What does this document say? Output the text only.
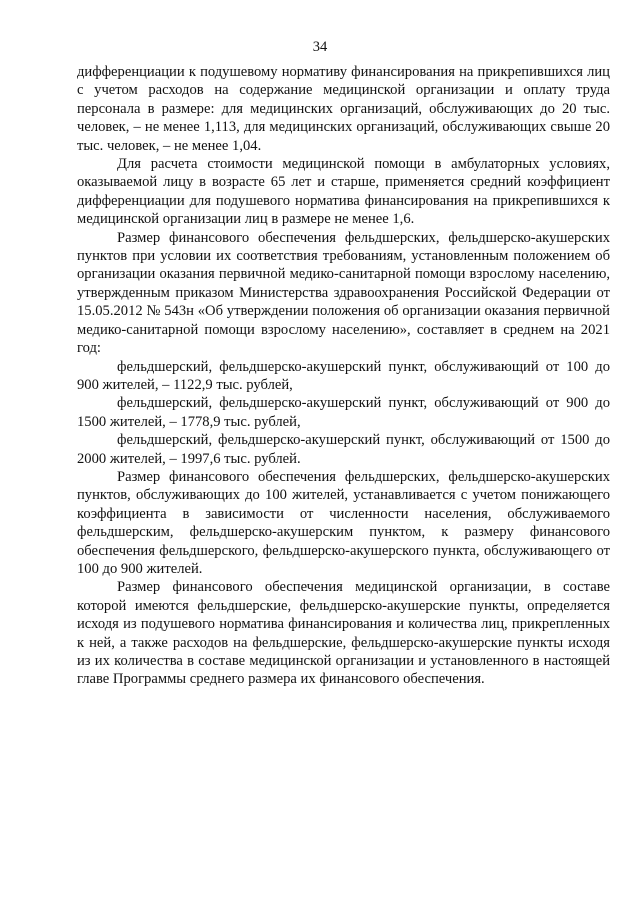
34

дифференциации к подушевому нормативу финансирования на прикрепившихся лиц с учетом расходов на содержание медицинской организации и оплату труда персонала в размере: для медицинских организаций, обслуживающих до 20 тыс. человек, – не менее 1,113, для медицинских организаций, обслуживающих свыше 20 тыс. человек, – не менее 1,04.

Для расчета стоимости медицинской помощи в амбулаторных условиях, оказываемой лицу в возрасте 65 лет и старше, применяется средний коэффициент дифференциации для подушевого норматива финансирования на прикрепившихся к медицинской организации лиц в размере не менее 1,6.

Размер финансового обеспечения фельдшерских, фельдшерско-акушерских пунктов при условии их соответствия требованиям, установленным положением об организации оказания первичной медико-санитарной помощи взрослому населению, утвержденным приказом Министерства здравоохранения Российской Федерации от 15.05.2012 № 543н «Об утверждении положения об организации оказания первичной медико-санитарной помощи взрослому населению», составляет в среднем на 2021 год:

фельдшерский, фельдшерско-акушерский пункт, обслуживающий от 100 до 900 жителей, – 1122,9 тыс. рублей,

фельдшерский, фельдшерско-акушерский пункт, обслуживающий от 900 до 1500 жителей, – 1778,9 тыс. рублей,

фельдшерский, фельдшерско-акушерский пункт, обслуживающий от 1500 до 2000 жителей, – 1997,6 тыс. рублей.

Размер финансового обеспечения фельдшерских, фельдшерско-акушерских пунктов, обслуживающих до 100 жителей, устанавливается с учетом понижающего коэффициента в зависимости от численности населения, обслуживаемого фельдшерским, фельдшерско-акушерским пунктом, к размеру финансового обеспечения фельдшерского, фельдшерско-акушерского пункта, обслуживающего от 100 до 900 жителей.

Размер финансового обеспечения медицинской организации, в составе которой имеются фельдшерские, фельдшерско-акушерские пункты, определяется исходя из подушевого норматива финансирования и количества лиц, прикрепленных к ней, а также расходов на фельдшерские, фельдшерско-акушерские пункты исходя из их количества в составе медицинской организации и установленного в настоящей главе Программы среднего размера их финансового обеспечения.
